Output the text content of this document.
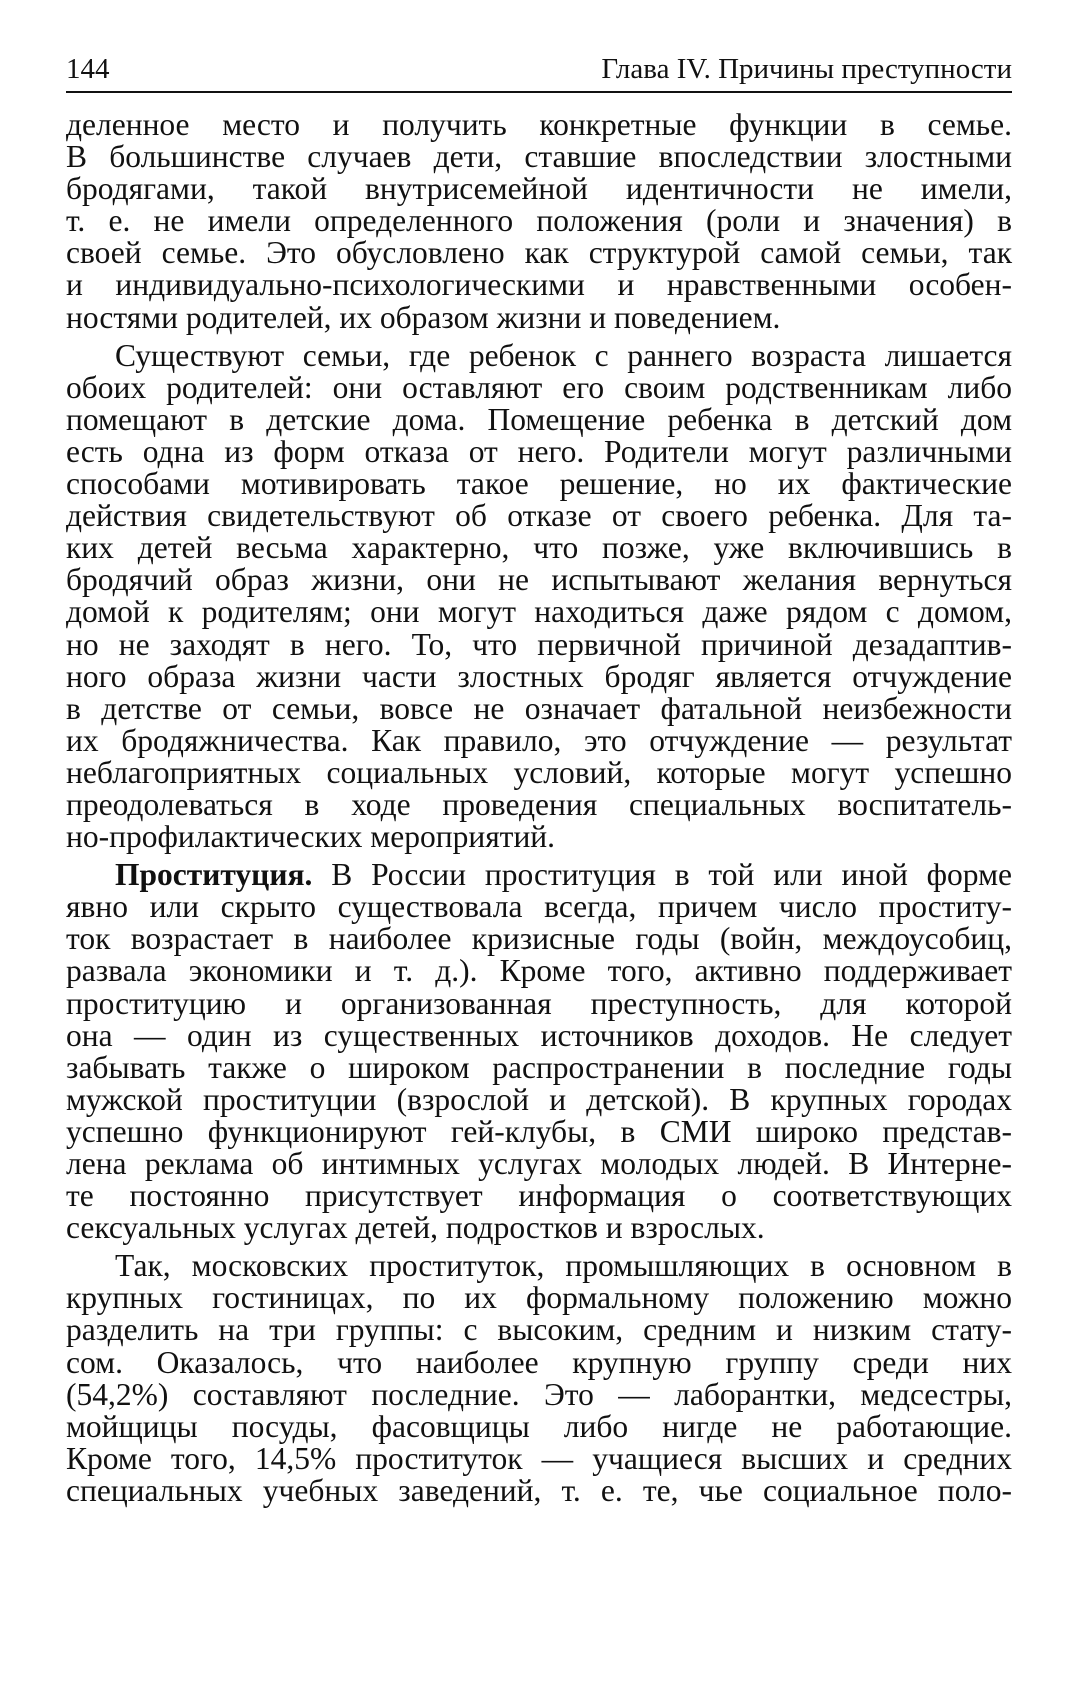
144	Глава IV. Причины преступности
деленное место и получить конкретные функции в семье.
В большинстве случаев дети, ставшие впоследствии злостными
бродягами, такой внутрисемейной идентичности не имели,
т. е. не имели определенного положения (роли и значения) в
своей семье. Это обусловлено как структурой самой семьи, так
и индивидуально-психологическими и нравственными особен-
ностями родителей, их образом жизни и поведением.
Существуют семьи, где ребенок с раннего возраста лишается
обоих родителей: они оставляют его своим родственникам либо
помещают в детские дома. Помещение ребенка в детский дом
есть одна из форм отказа от него. Родители могут различными
способами мотивировать такое решение, но их фактические
действия свидетельствуют об отказе от своего ребенка. Для та-
ких детей весьма характерно, что позже, уже включившись в
бродячий образ жизни, они не испытывают желания вернуться
домой к родителям; они могут находиться даже рядом с домом,
но не заходят в него. То, что первичной причиной дезадаптив-
ного образа жизни части злостных бродяг является отчуждение
в детстве от семьи, вовсе не означает фатальной неизбежности
их бродяжничества. Как правило, это отчуждение — результат
неблагоприятных социальных условий, которые могут успешно
преодолеваться в ходе проведения специальных воспитатель-
но-профилактических мероприятий.
Проституция. В России проституция в той или иной форме
явно или скрыто существовала всегда, причем число проститу-
ток возрастает в наиболее кризисные годы (войн, междоусобиц,
развала экономики и т. д.). Кроме того, активно поддерживает
проституцию и организованная преступность, для которой
она — один из существенных источников доходов. Не следует
забывать также о широком распространении в последние годы
мужской проституции (взрослой и детской). В крупных городах
успешно функционируют гей-клубы, в СМИ широко представ-
лена реклама об интимных услугах молодых людей. В Интерне-
те постоянно присутствует информация о соответствующих
сексуальных услугах детей, подростков и взрослых.
Так, московских проституток, промышляющих в основном в
крупных гостиницах, по их формальному положению можно
разделить на три группы: с высоким, средним и низким стату-
сом. Оказалось, что наиболее крупную группу среди них
(54,2%) составляют последние. Это — лаборантки, медсестры,
мойщицы посуды, фасовщицы либо нигде не работающие.
Кроме того, 14,5% проституток — учащиеся высших и средних
специальных учебных заведений, т. е. те, чье социальное поло-
